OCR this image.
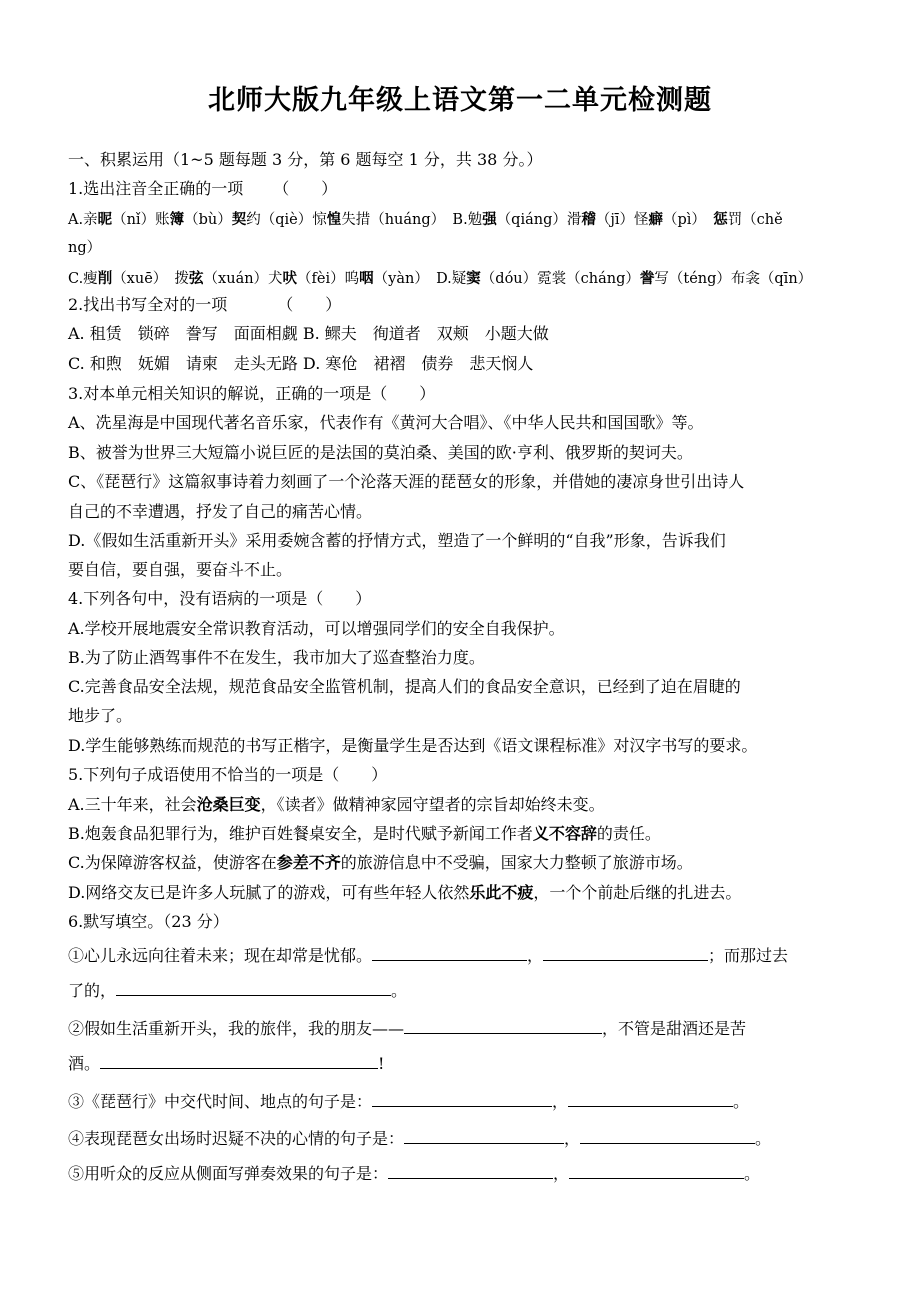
北师大版九年级上语文第一二单元检测题
一、积累运用（1~5 题每题 3 分，第 6 题每空 1 分，共 38 分。）
1.选出注音全正确的一项 （　　）
A.亲昵（nǐ）账簿（bù）契约（qiè）惊惶失措（huáng）　B.勉强（qiáng）滑稽（jī）怪癖（pì）　惩罚（chě
ng）
C.瘦削（xuē）　拨弦（xuán）犬吠（fèi）呜咽（yàn）　D.疑窦（dóu）霓裳（cháng）誊写（téng）布衾（qīn）
2.找出书写全对的一项	（　　）
A. 租赁　锁碎　誊写　面面相觑 B. 鳏夫　徇道者　双颊　小题大做
C. 和煦　妩媚　请柬　走头无路 D. 寒伧　裙褶　债券　悲天悯人
3.对本单元相关知识的解说，正确的一项是（　　）
A、冼星海是中国现代著名音乐家，代表作有《黄河大合唱》、《中华人民共和国国歌》等。
B、被誉为世界三大短篇小说巨匠的是法国的莫泊桑、美国的欧·亨利、俄罗斯的契诃夫。
C、《琵琶行》这篇叙事诗着力刻画了一个沦落天涯的琵琶女的形象，并借她的凄凉身世引出诗人
自己的不幸遭遇，抒发了自己的痛苦心情。
D.《假如生活重新开头》采用委婉含蓄的抒情方式，塑造了一个鲜明的“自我”形象，告诉我们
要自信，要自强，要奋斗不止。
4.下列各句中，没有语病的一项是（　　）
A.学校开展地震安全常识教育活动，可以增强同学们的安全自我保护。
B.为了防止酒驾事件不在发生，我市加大了巡查整治力度。
C.完善食品安全法规，规范食品安全监管机制，提高人们的食品安全意识，已经到了迫在眉睫的
地步了。
D.学生能够熟练而规范的书写正楷字，是衡量学生是否达到《语文课程标准》对汉字书写的要求。
5.下列句子成语使用不恰当的一项是（　　）
A.三十年来，社会沧桑巨变，《读者》做精神家园守望者的宗旨却始终未变。
B.炮轰食品犯罪行为，维护百姓餐桌安全，是时代赋予新闻工作者义不容辞的责任。
C.为保障游客权益，使游客在参差不齐的旅游信息中不受骗，国家大力整顿了旅游市场。
D.网络交友已是许多人玩腻了的游戏，可有些年轻人依然乐此不疲，一个个前赴后继的扎进去。
6.默写填空。（23 分）
①心儿永远向往着未来；现在却常是忧郁。	，	；而那过去
了的，	。
②假如生活重新开头，我的旅伴，我的朋友——	，不管是甜酒还是苦
酒。	!
③《琵琶行》中交代时间、地点的句子是：	，	。
④表现琵琶女出场时迟疑不决的心情的句子是：	，	。
⑤用听众的反应从侧面写弹奏效果的句子是：	，	。
